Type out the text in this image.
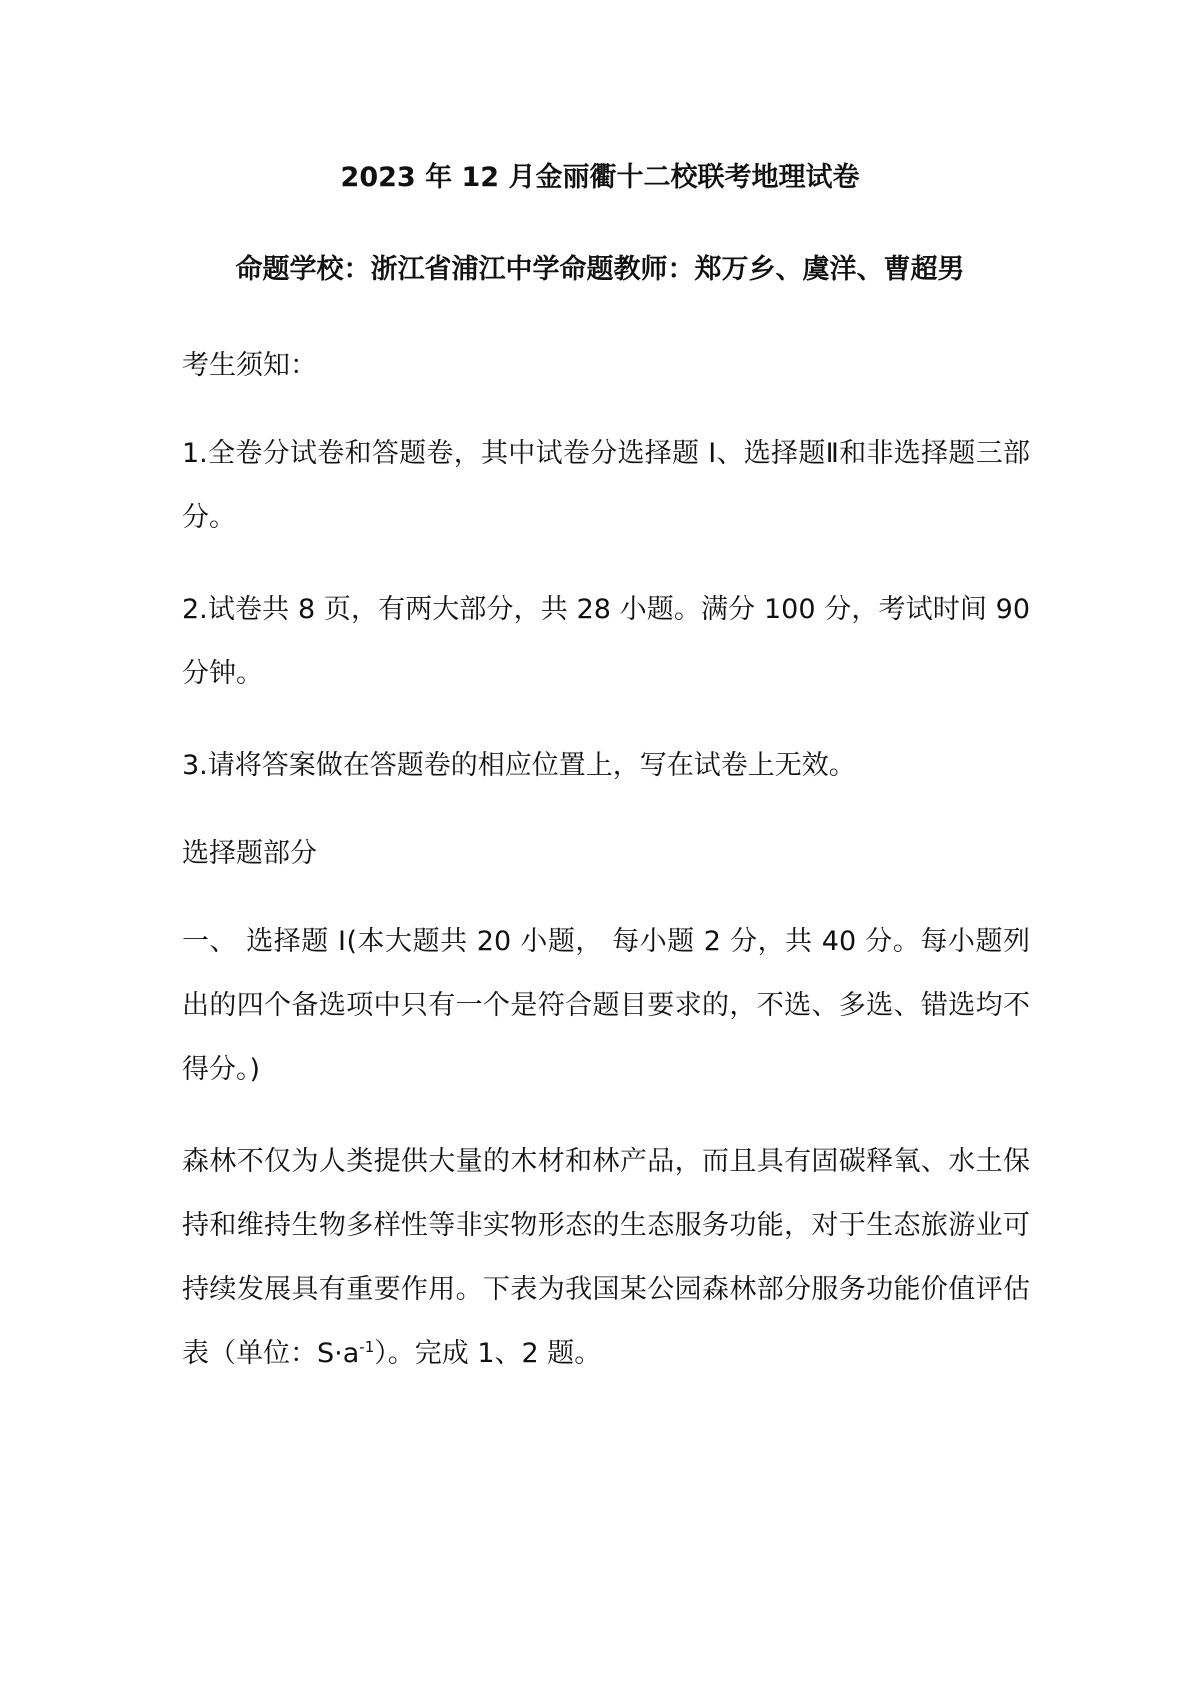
2023 年 12 月金丽衢十二校联考地理试卷
命题学校：浙江省浦江中学命题教师：郑万乡、虞洋、曹超男
考生须知：
1.全卷分试卷和答题卷，其中试卷分选择题 Ⅰ、选择题Ⅱ和非选择题三部分。
2.试卷共 8 页，有两大部分，共 28 小题。满分 100 分，考试时间 90 分钟。
3.请将答案做在答题卷的相应位置上，写在试卷上无效。
选择题部分
一、 选择题 Ⅰ(本大题共 20 小题， 每小题 2 分，共 40 分。每小题列出的四个备选项中只有一个是符合题目要求的，不选、多选、错选均不得分。)
森林不仅为人类提供大量的木材和林产品，而且具有固碳释氧、水土保持和维持生物多样性等非实物形态的生态服务功能，对于生态旅游业可持续发展具有重要作用。下表为我国某公园森林部分服务功能价值评估表（单位：$S\cdot a^{-1}$）。完成 1、2 题。
